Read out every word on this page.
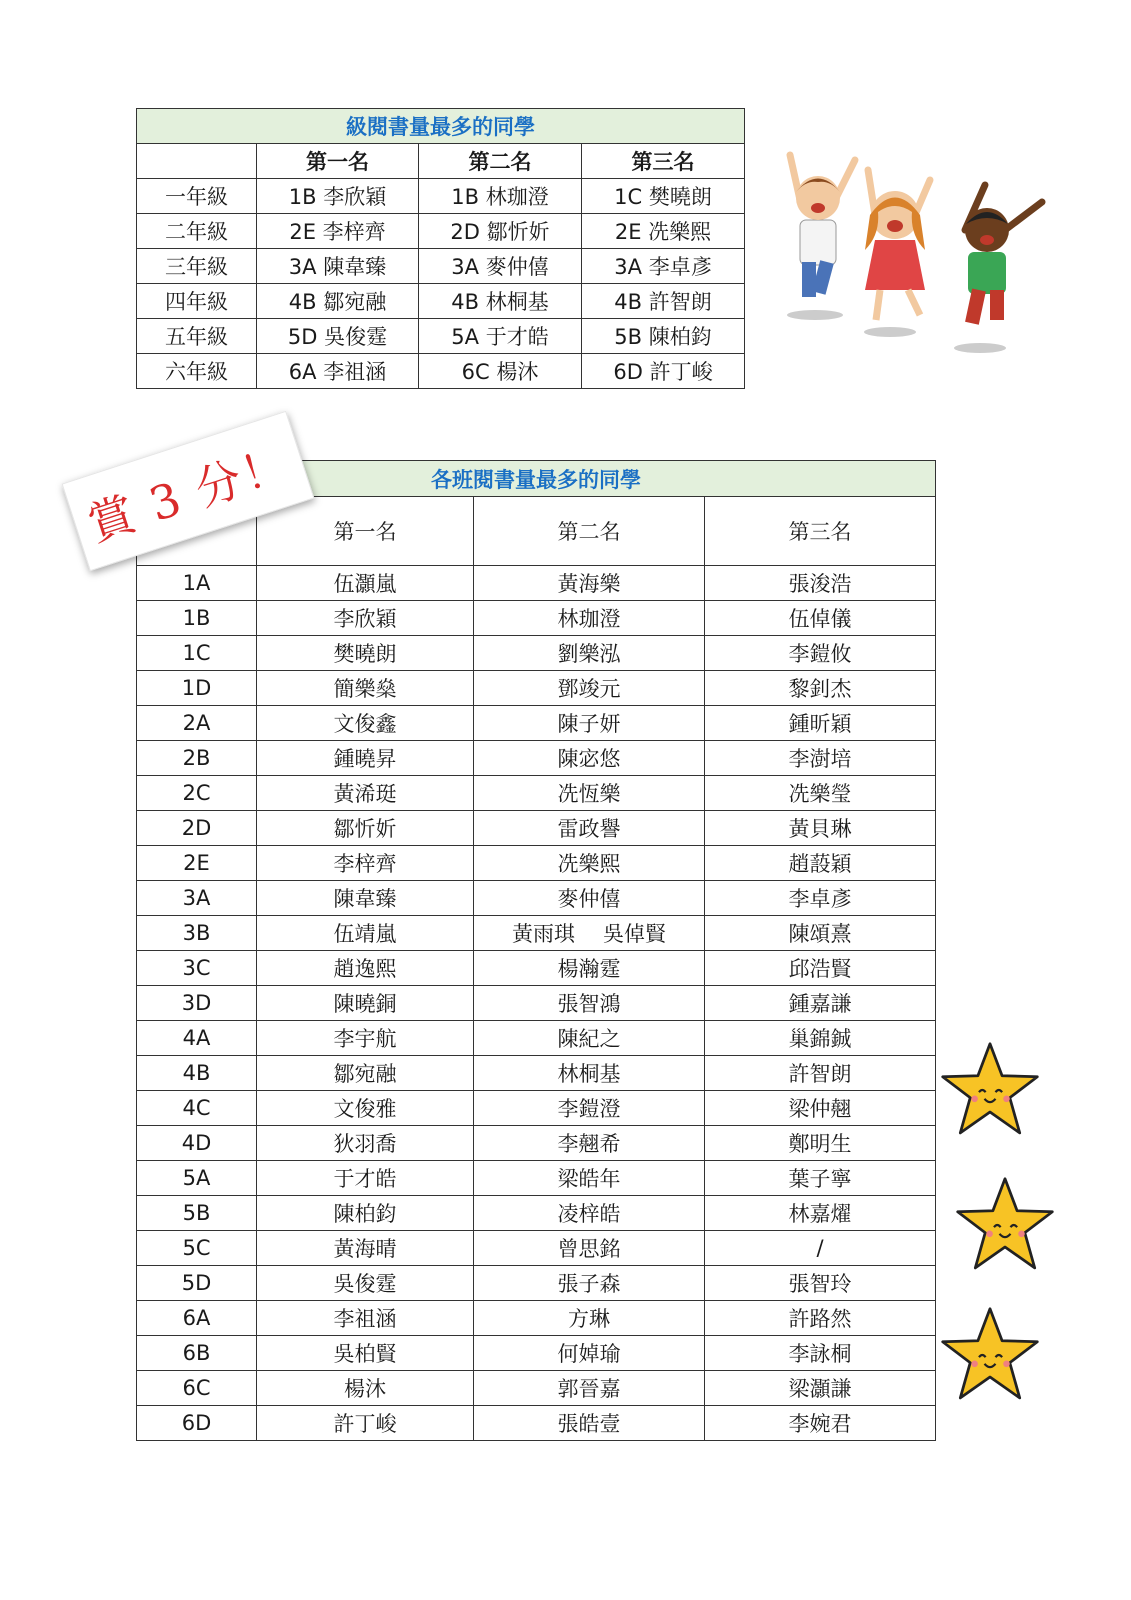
級閱書量最多的同學			
	第一名	第二名	第三名
一年級	1B 李欣穎	1B 林珈澄	1C 樊曉朗
二年級	2E 李梓齊	2D 鄒忻妡	2E 冼樂熙
三年級	3A 陳韋臻	3A 麥仲僖	3A 李卓彥
四年級	4B 鄒宛融	4B 林桐基	4B 許智朗
五年級	5D 吳俊霆	5A 于才皓	5B 陳柏鈞
六年級	6A 李祖涵	6C 楊沐	6D 許丁峻
各班閱書量最多的同學			
	第一名	第二名	第三名
1A	伍灝嵐	黃海樂	張浚浩
1B	李欣穎	林珈澄	伍倬儀
1C	樊曉朗	劉樂泓	李鎧攸
1D	簡樂燊	鄧竣元	黎釗杰
2A	文俊鑫	陳子妍	鍾昕穎
2B	鍾曉昇	陳宓悠	李澍培
2C	黃浠珽	冼恆樂	冼樂瑩
2D	鄒忻妡	雷政譽	黃貝琳
2E	李梓齊	冼樂熙	趙蔎穎
3A	陳韋臻	麥仲僖	李卓彥
3B	伍靖嵐	黃雨琪 吳倬賢	陳頌熹
3C	趙逸熙	楊瀚霆	邱浩賢
3D	陳曉銅	張智鴻	鍾嘉謙
4A	李宇航	陳紀之	巢錦鋮
4B	鄒宛融	林桐基	許智朗
4C	文俊雅	李鎧澄	梁仲翹
4D	狄羽喬	李翹希	鄭明生
5A	于才皓	梁皓年	葉子寧
5B	陳柏鈞	凌梓皓	林嘉燿
5C	黃海晴	曾思銘	/
5D	吳俊霆	張子森	張智玲
6A	李祖涵	方琳	許路然
6B	吳柏賢	何婥瑜	李詠桐
6C	楊沐	郭晉嘉	梁灝謙
6D	許丁峻	張皓壹	李婉君
賞 3 分！
